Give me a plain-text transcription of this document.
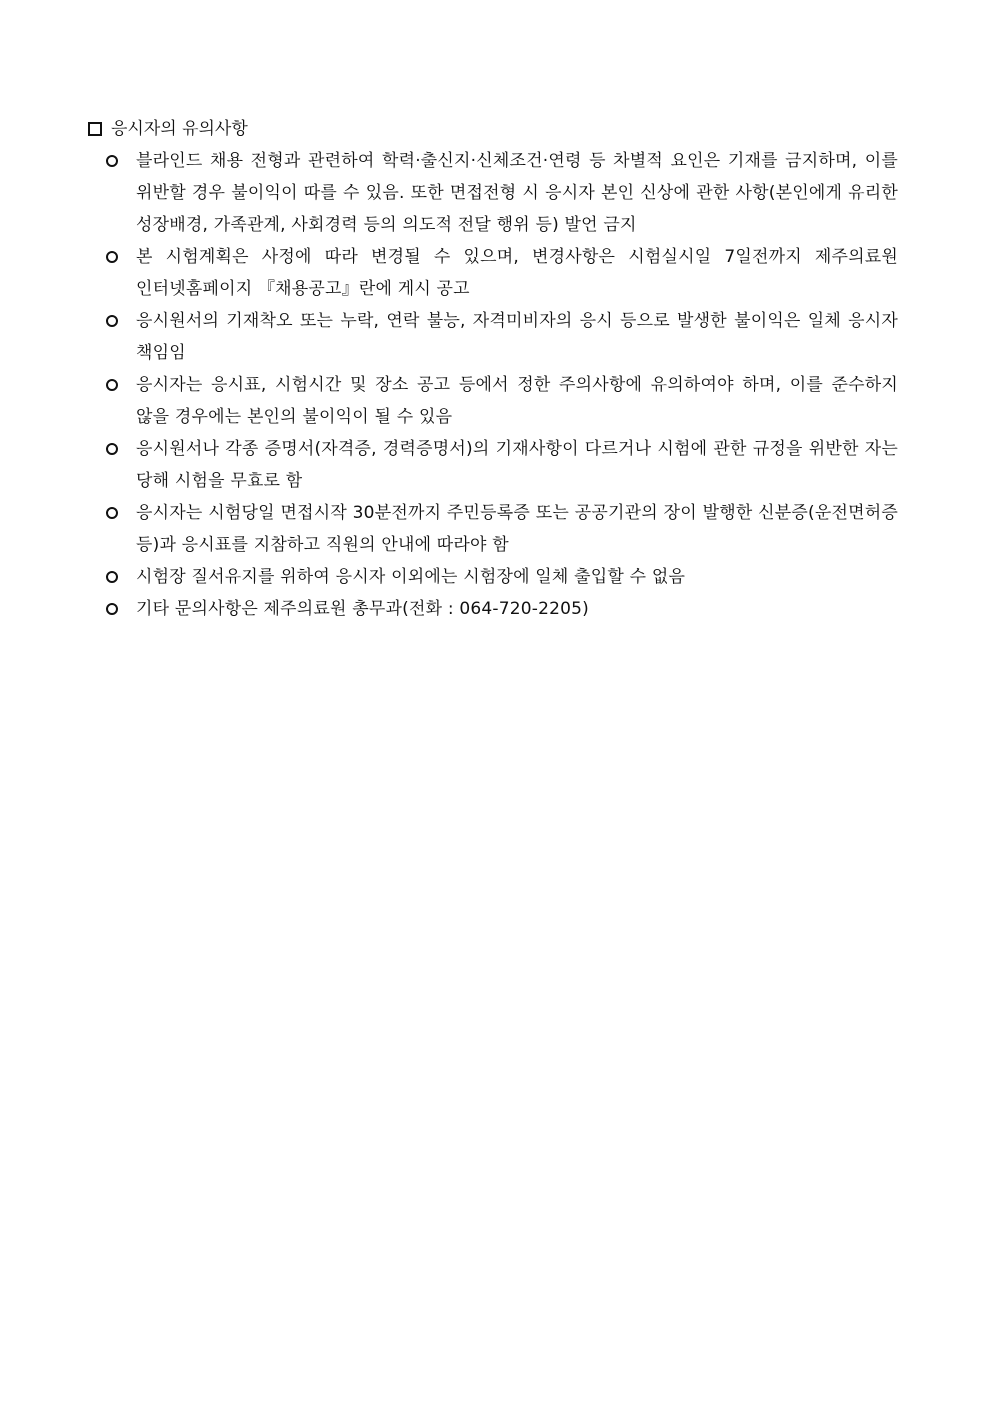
응시자의 유의사항
블라인드 채용 전형과 관련하여 학력·출신지·신체조건·연령 등 차별적 요인은 기재를 금지하며, 이를 위반할 경우 불이익이 따를 수 있음. 또한 면접전형 시 응시자 본인 신상에 관한 사항(본인에게 유리한 성장배경, 가족관계, 사회경력 등의 의도적 전달 행위 등) 발언 금지
본 시험계획은 사정에 따라 변경될 수 있으며, 변경사항은 시험실시일 7일전까지 제주의료원 인터넷홈페이지 『채용공고』란에 게시 공고
응시원서의 기재착오 또는 누락, 연락 불능, 자격미비자의 응시 등으로 발생한 불이익은 일체 응시자 책임임
응시자는 응시표, 시험시간 및 장소 공고 등에서 정한 주의사항에 유의하여야 하며, 이를 준수하지 않을 경우에는 본인의 불이익이 될 수 있음
응시원서나 각종 증명서(자격증, 경력증명서)의 기재사항이 다르거나 시험에 관한 규정을 위반한 자는 당해 시험을 무효로 함
응시자는 시험당일 면접시작 30분전까지 주민등록증 또는 공공기관의 장이 발행한 신분증(운전면허증 등)과 응시표를 지참하고 직원의 안내에 따라야 함
시험장 질서유지를 위하여 응시자 이외에는 시험장에 일체 출입할 수 없음
기타 문의사항은 제주의료원 총무과(전화 : 064-720-2205)
